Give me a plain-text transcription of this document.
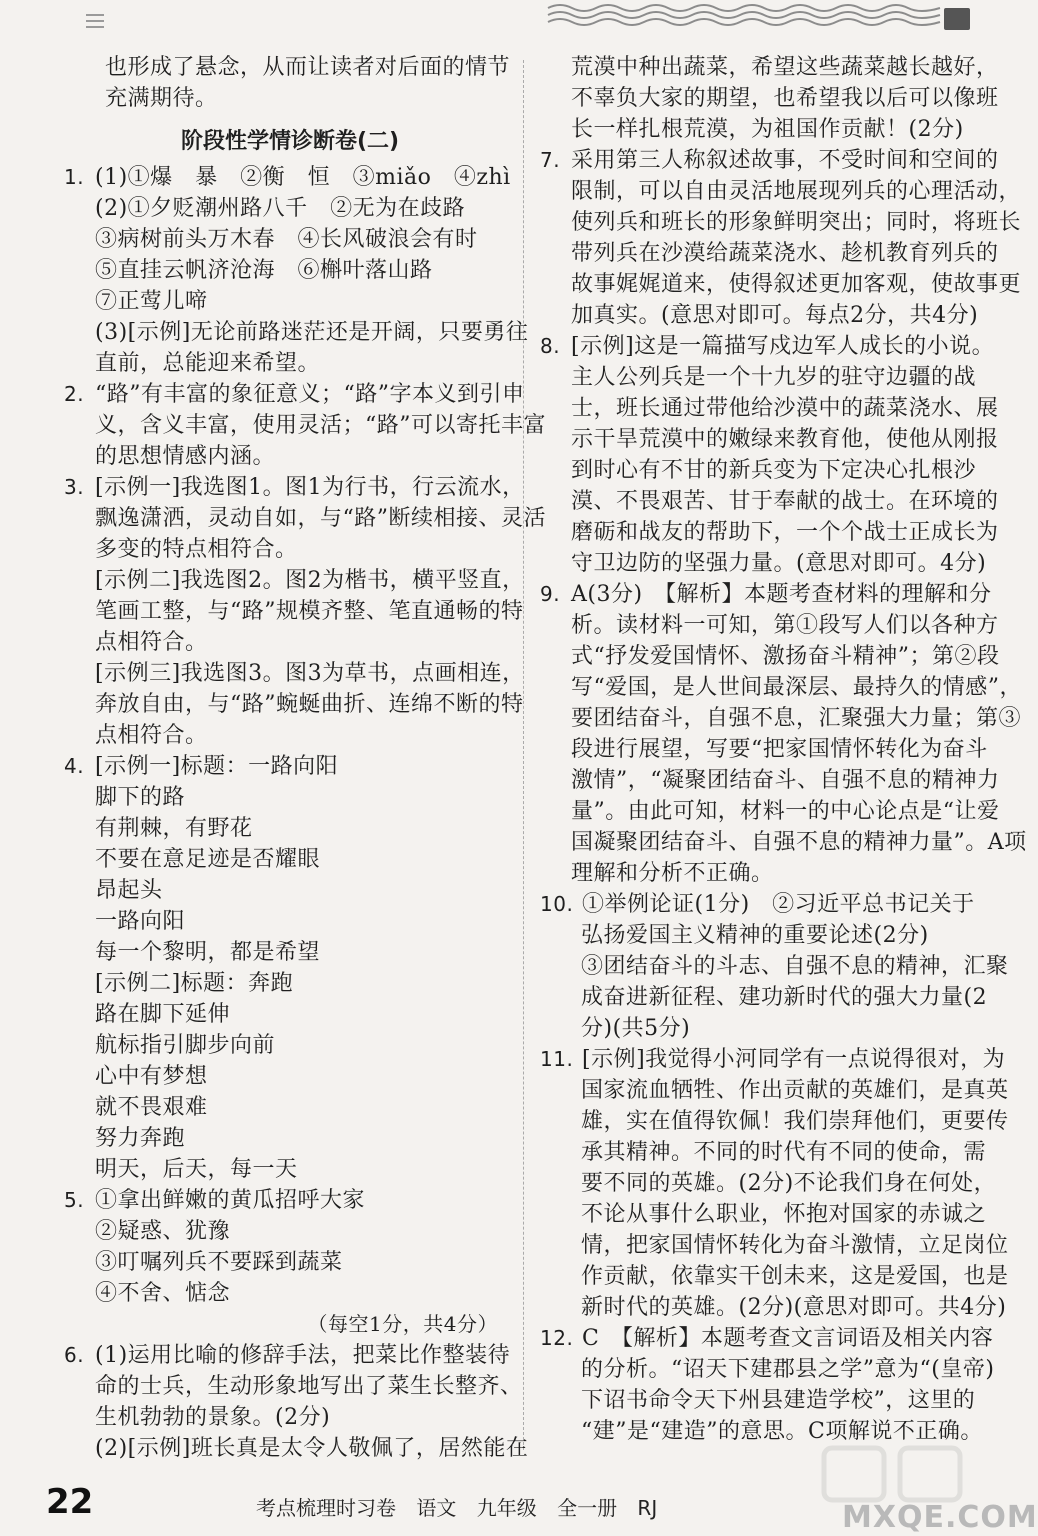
也形成了悬念，从而让读者对后面的情节
充满期待。
阶段性学情诊断卷(二)
1. (1)①爆　暴　②衡　恒　③miǎo　④zhì
(2)①夕贬潮州路八千　②无为在歧路
③病树前头万木春　④长风破浪会有时
⑤直挂云帆济沧海　⑥槲叶落山路
⑦正莺儿啼
(3)[示例]无论前路迷茫还是开阔，只要勇往
直前，总能迎来希望。
2. “路”有丰富的象征意义；“路”字本义到引申
义，含义丰富，使用灵活；“路”可以寄托丰富
的思想情感内涵。
3. [示例一]我选图1。图1为行书，行云流水，
飘逸潇洒，灵动自如，与“路”断续相接、灵活
多变的特点相符合。
[示例二]我选图2。图2为楷书，横平竖直，
笔画工整，与“路”规模齐整、笔直通畅的特
点相符合。
[示例三]我选图3。图3为草书，点画相连，
奔放自由，与“路”蜿蜒曲折、连绵不断的特
点相符合。
4. [示例一]标题：一路向阳
脚下的路
有荆棘，有野花
不要在意足迹是否耀眼
昂起头
一路向阳
每一个黎明，都是希望
[示例二]标题：奔跑
路在脚下延伸
航标指引脚步向前
心中有梦想
就不畏艰难
努力奔跑
明天，后天，每一天
5. ①拿出鲜嫩的黄瓜招呼大家
②疑惑、犹豫
③叮嘱列兵不要踩到蔬菜
④不舍、惦念
（每空1分，共4分）
6. (1)运用比喻的修辞手法，把菜比作整装待
命的士兵，生动形象地写出了菜生长整齐、
生机勃勃的景象。(2分)
(2)[示例]班长真是太令人敬佩了，居然能在
荒漠中种出蔬菜，希望这些蔬菜越长越好，
不辜负大家的期望，也希望我以后可以像班
长一样扎根荒漠，为祖国作贡献！(2分)
7. 采用第三人称叙述故事，不受时间和空间的
限制，可以自由灵活地展现列兵的心理活动，
使列兵和班长的形象鲜明突出；同时，将班长
带列兵在沙漠给蔬菜浇水、趁机教育列兵的
故事娓娓道来，使得叙述更加客观，使故事更
加真实。(意思对即可。每点2分，共4分)
8. [示例]这是一篇描写戍边军人成长的小说。
主人公列兵是一个十九岁的驻守边疆的战
士，班长通过带他给沙漠中的蔬菜浇水、展
示干旱荒漠中的嫩绿来教育他，使他从刚报
到时心有不甘的新兵变为下定决心扎根沙
漠、不畏艰苦、甘于奉献的战士。在环境的
磨砺和战友的帮助下，一个个战士正成长为
守卫边防的坚强力量。(意思对即可。4分)
9. A(3分)　【解析】本题考查材料的理解和分
析。读材料一可知，第①段写人们以各种方
式“抒发爱国情怀、激扬奋斗精神”；第②段
写“爱国，是人世间最深层、最持久的情感”，
要团结奋斗，自强不息，汇聚强大力量；第③
段进行展望，写要“把家国情怀转化为奋斗
激情”，“凝聚团结奋斗、自强不息的精神力
量”。由此可知，材料一的中心论点是“让爱
国凝聚团结奋斗、自强不息的精神力量”。A项
理解和分析不正确。
10. ①举例论证(1分)　②习近平总书记关于
弘扬爱国主义精神的重要论述(2分)
③团结奋斗的斗志、自强不息的精神，汇聚
成奋进新征程、建功新时代的强大力量(2
分)(共5分)
11. [示例]我觉得小河同学有一点说得很对，为
国家流血牺牲、作出贡献的英雄们，是真英
雄，实在值得钦佩！我们崇拜他们，更要传
承其精神。不同的时代有不同的使命，需
要不同的英雄。(2分)不论我们身在何处，
不论从事什么职业，怀抱对国家的赤诚之
情，把家国情怀转化为奋斗激情，立足岗位
作贡献，依靠实干创未来，这是爱国，也是
新时代的英雄。(2分)(意思对即可。共4分)
12. C　【解析】本题考查文言词语及相关内容
的分析。“诏天下建郡县之学”意为“(皇帝)
下诏书命令天下州县建造学校”，这里的
“建”是“建造”的意思。C项解说不正确。
22	考点梳理时习卷 语文 九年级 全一册 RJ	MXQE.COM
